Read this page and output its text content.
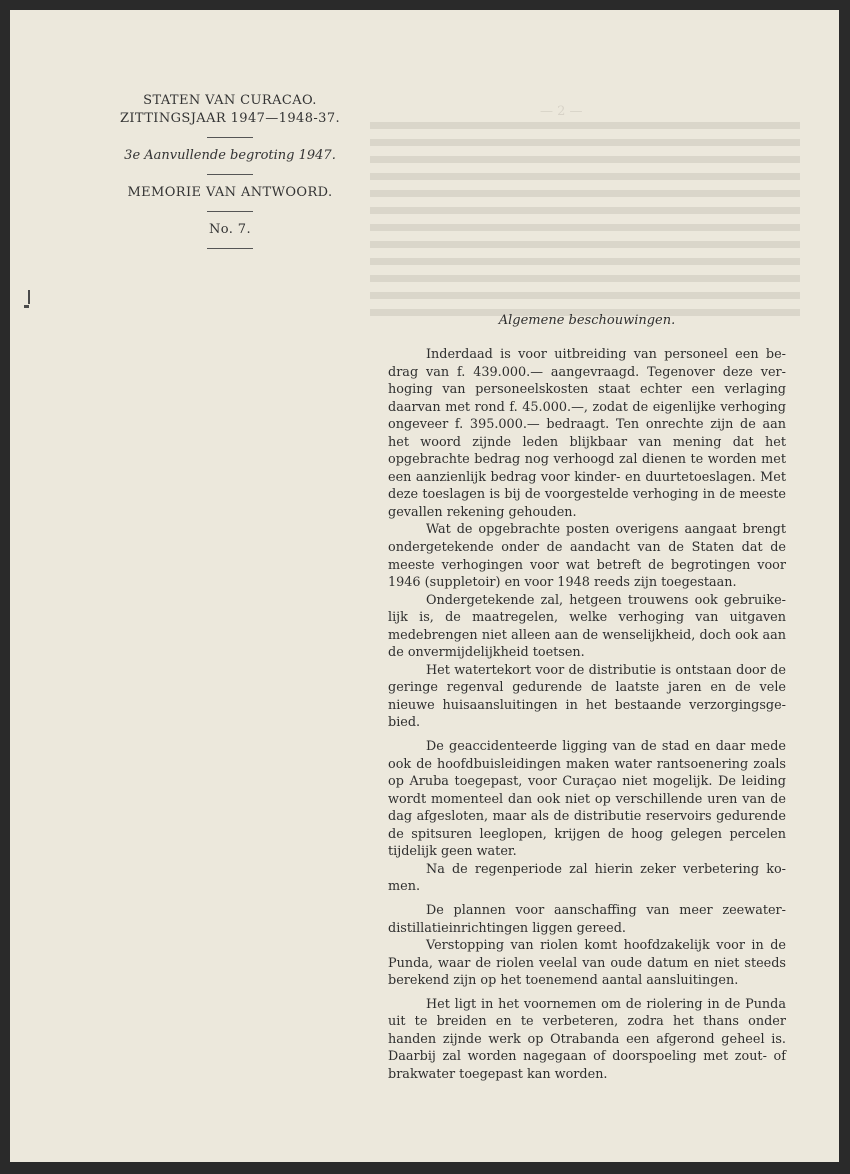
STATEN VAN CURACAO.

ZITTINGSJAAR 1947—1948-37.

3e Aanvullende begroting 1947.

MEMORIE VAN ANTWOORD.

No. 7.

— 2 —
Algemene beschouwingen.

Inderdaad is voor uitbreiding van personeel een bedrag van f. 439.000.— aangevraagd. Tegenover deze verhoging van personeelskosten staat echter een verlaging daarvan met rond f. 45.000.—, zodat de eigenlijke verhoging ongeveer f. 395.000.— bedraagt. Ten onrechte zijn de aan het woord zijnde leden blijkbaar van mening dat het opgebrachte bedrag nog verhoogd zal dienen te worden met een aanzienlijk bedrag voor kinder- en duurtetoeslagen. Met deze toeslagen is bij de voorgestelde verhoging in de meeste gevallen rekening gehouden.

Wat de opgebrachte posten overigens aangaat brengt ondergetekende onder de aandacht van de Staten dat de meeste verhogingen voor wat betreft de begrotingen voor 1946 (suppletoir) en voor 1948 reeds zijn toegestaan.

Ondergetekende zal, hetgeen trouwens ook gebruikelijk is, de maatregelen, welke verhoging van uitgaven medebrengen niet alleen aan de wenselijkheid, doch ook aan de onvermijdelijkheid toetsen.

Het watertekort voor de distributie is ontstaan door de geringe regenval gedurende de laatste jaren en de vele nieuwe huisaansluitingen in het bestaande verzorgingsgebied.

De geaccidenteerde ligging van de stad en daar mede ook de hoofdbuisleidingen maken water rantsoenering zoals op Aruba toegepast, voor Curaçao niet mogelijk. De leiding wordt momenteel dan ook niet op verschillende uren van de dag afgesloten, maar als de distributie reservoirs gedurende de spitsuren leeglopen, krijgen de hoog gelegen percelen tijdelijk geen water.

Na de regenperiode zal hierin zeker verbetering komen.

De plannen voor aanschaffing van meer zeewaterdistillatieinrichtingen liggen gereed.

Verstopping van riolen komt hoofdzakelijk voor in de Punda, waar de riolen veelal van oude datum en niet steeds berekend zijn op het toenemend aantal aansluitingen.

Het ligt in het voornemen om de riolering in de Punda uit te breiden en te verbeteren, zodra het thans onder handen zijnde werk op Otrabanda een afgerond geheel is. Daarbij zal worden nagegaan of doorspoeling met zout- of brakwater toegepast kan worden.
